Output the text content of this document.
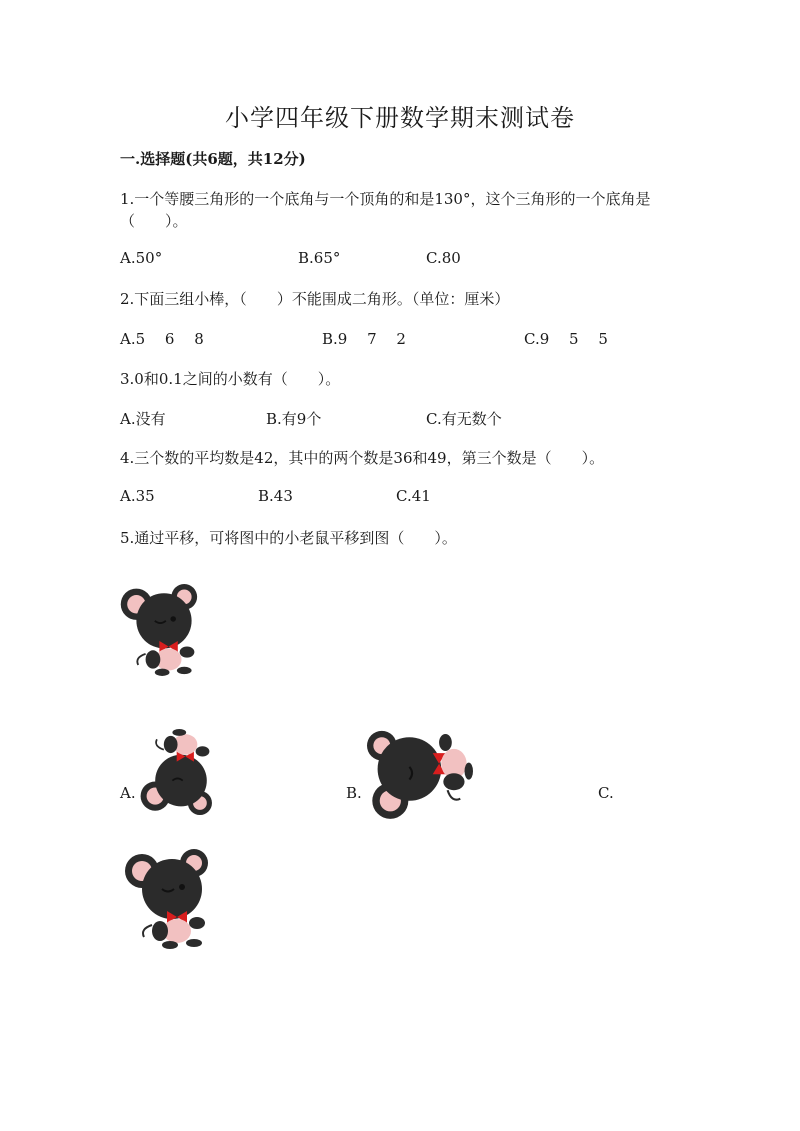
小学四年级下册数学期末测试卷
一.选择题(共6题，共12分)
1.一个等腰三角形的一个底角与一个顶角的和是130°，这个三角形的一个底角是（　　）。
A.50°	B.65°	C.80
2.下面三组小棒，（　　）不能围成二角形。（单位：厘米）
A.5　 6　 8	B.9　 7　 2	C.9　 5　 5
3.0和0.1之间的小数有（　　）。
A.没有	B.有9个	C.有无数个
4.三个数的平均数是42，其中的两个数是36和49，第三个数是（　　）。
A.35	B.43	C.41
5.通过平移，可将图中的小老鼠平移到图（　　）。
A.	B.	C.
